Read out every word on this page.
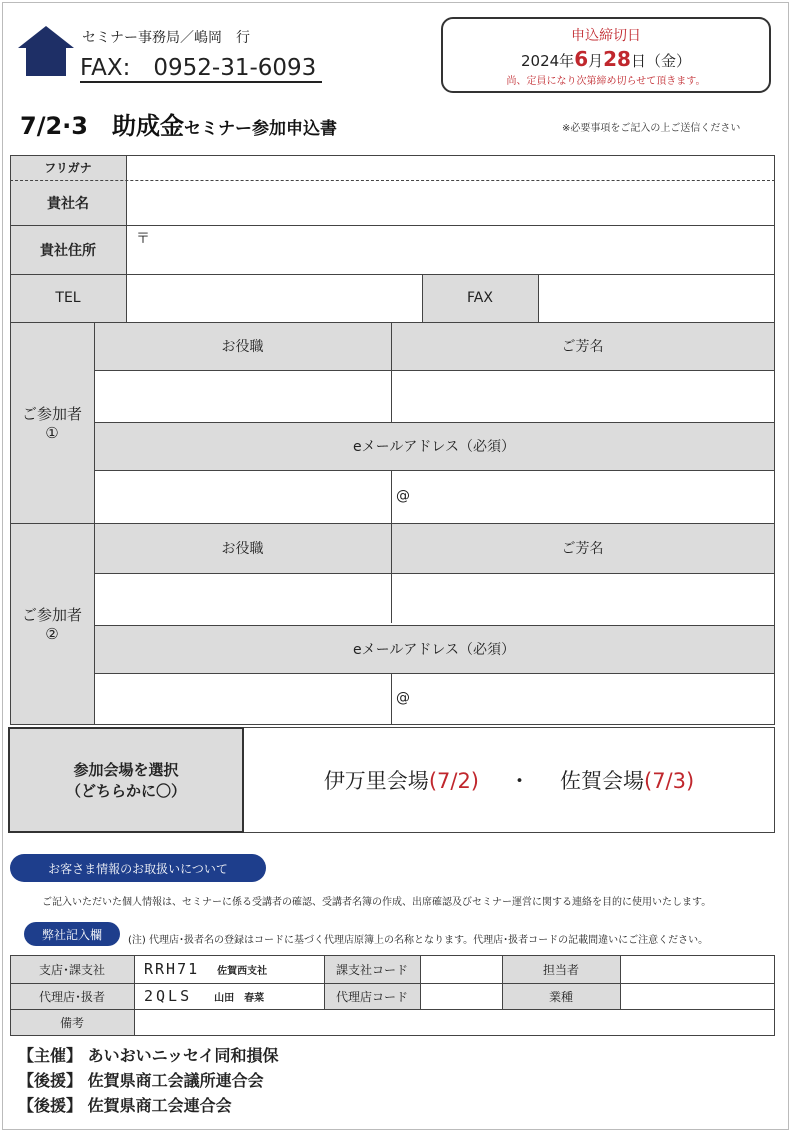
セミナー事務局／嶋岡　行
FAX:　0952-31-6093
申込締切日
2024年6月28日（金）
尚、定員になり次第締め切らせて頂きます。
7/2·3　助成金セミナー参加申込書	※必要事項をご記入の上ご送信ください
フリガナ
貴社名
貴社住所
〒
TEL	FAX
ご参加者
①
お役職	ご芳名
eメールアドレス（必須）
@
ご参加者
②
お役職	ご芳名
eメールアドレス（必須）
@
参加会場を選択
（どちらかに〇）	伊万里会場(7/2) ・ 佐賀会場(7/3)
お客さま情報のお取扱いについて
ご記入いただいた個人情報は、セミナーに係る受講者の確認、受講者名簿の作成、出席確認及びセミナー運営に関する連絡を目的に使用いたします。
弊社記入欄	(注) 代理店･扱者名の登録はコードに基づく代理店原簿上の名称となります。代理店･扱者コードの記載間違いにご注意ください。
支店･課支社	RRH71 佐賀西支社	課支社コード	担当者
代理店･扱者	2QLS 山田　春菜	代理店コード	業種
備考
【主催】 あいおいニッセイ同和損保
【後援】 佐賀県商工会議所連合会
【後援】 佐賀県商工会連合会
